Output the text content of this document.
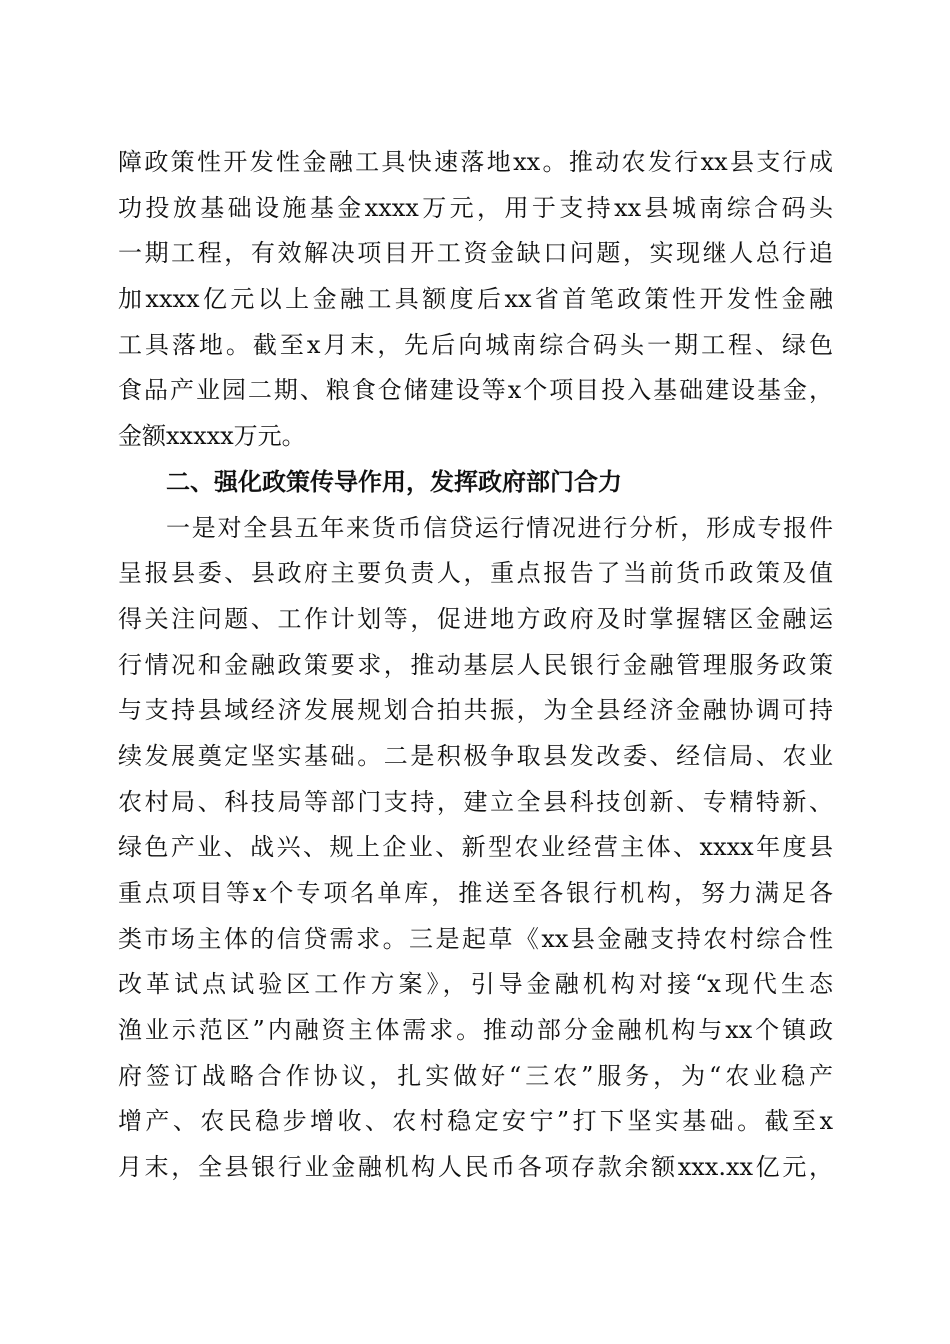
障政策性开发性金融工具快速落地xx。推动农发行xx县支行成
功投放基础设施基金xxxx万元，用于支持xx县城南综合码头
一期工程，有效解决项目开工资金缺口问题，实现继人总行追
加xxxx亿元以上金融工具额度后xx省首笔政策性开发性金融
工具落地。截至x月末，先后向城南综合码头一期工程、绿色
食品产业园二期、粮食仓储建设等x个项目投入基础建设基金，
金额xxxxx万元。
二、强化政策传导作用，发挥政府部门合力
一是对全县五年来货币信贷运行情况进行分析，形成专报件
呈报县委、县政府主要负责人，重点报告了当前货币政策及值
得关注问题、工作计划等，促进地方政府及时掌握辖区金融运
行情况和金融政策要求，推动基层人民银行金融管理服务政策
与支持县域经济发展规划合拍共振，为全县经济金融协调可持
续发展奠定坚实基础。二是积极争取县发改委、经信局、农业
农村局、科技局等部门支持，建立全县科技创新、专精特新、
绿色产业、战兴、规上企业、新型农业经营主体、xxxx年度县
重点项目等x个专项名单库，推送至各银行机构，努力满足各
类市场主体的信贷需求。三是起草《xx县金融支持农村综合性
改革试点试验区工作方案》，引导金融机构对接“x现代生态
渔业示范区”内融资主体需求。推动部分金融机构与xx个镇政
府签订战略合作协议，扎实做好“三农”服务，为“农业稳产
增产、农民稳步增收、农村稳定安宁”打下坚实基础。截至x
月末，全县银行业金融机构人民币各项存款余额xxx.xx亿元，
